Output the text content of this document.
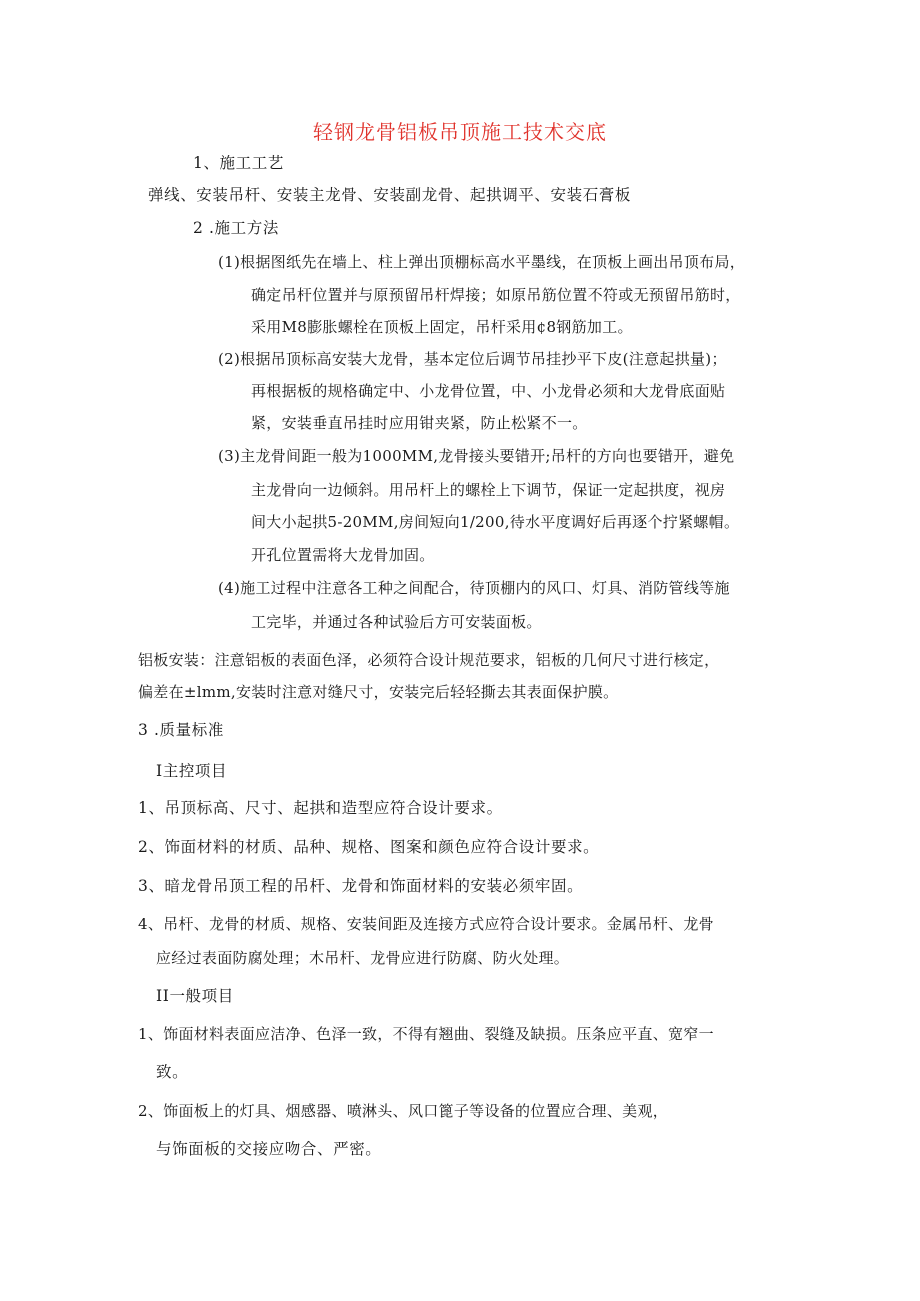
轻钢龙骨铝板吊顶施工技术交底
1、施工工艺
弹线、安装吊杆、安装主龙骨、安装副龙骨、起拱调平、安装石膏板
2 .施工方法
(1)根据图纸先在墙上、柱上弹出顶棚标高水平墨线，在顶板上画出吊顶布局，
确定吊杆位置并与原预留吊杆焊接；如原吊筋位置不符或无预留吊筋时，
采用M8膨胀螺栓在顶板上固定，吊杆采用¢8钢筋加工。
(2)根据吊顶标高安装大龙骨，基本定位后调节吊挂抄平下皮(注意起拱量)；
再根据板的规格确定中、小龙骨位置，中、小龙骨必须和大龙骨底面贴
紧，安装垂直吊挂时应用钳夹紧，防止松紧不一。
(3)主龙骨间距一般为1000MM,龙骨接头要错开;吊杆的方向也要错开，避免
主龙骨向一边倾斜。用吊杆上的螺栓上下调节，保证一定起拱度，视房
间大小起拱5-20MM,房间短向1/200,待水平度调好后再逐个拧紧螺帽。
开孔位置需将大龙骨加固。
(4)施工过程中注意各工种之间配合，待顶棚内的风口、灯具、消防管线等施
工完毕，并通过各种试验后方可安装面板。
铝板安装：注意铝板的表面色泽，必须符合设计规范要求，铝板的几何尺寸进行核定，
偏差在±lmm,安装时注意对缝尺寸，安装完后轻轻撕去其表面保护膜。
3 .质量标准
I主控项目
1、吊顶标高、尺寸、起拱和造型应符合设计要求。
2、饰面材料的材质、品种、规格、图案和颜色应符合设计要求。
3、暗龙骨吊顶工程的吊杆、龙骨和饰面材料的安装必须牢固。
4、吊杆、龙骨的材质、规格、安装间距及连接方式应符合设计要求。金属吊杆、龙骨
应经过表面防腐处理；木吊杆、龙骨应进行防腐、防火处理。
II一般项目
1、饰面材料表面应洁净、色泽一致，不得有翘曲、裂缝及缺损。压条应平直、宽窄一
致。
2、饰面板上的灯具、烟感器、喷淋头、风口篦子等设备的位置应合理、美观，
与饰面板的交接应吻合、严密。
